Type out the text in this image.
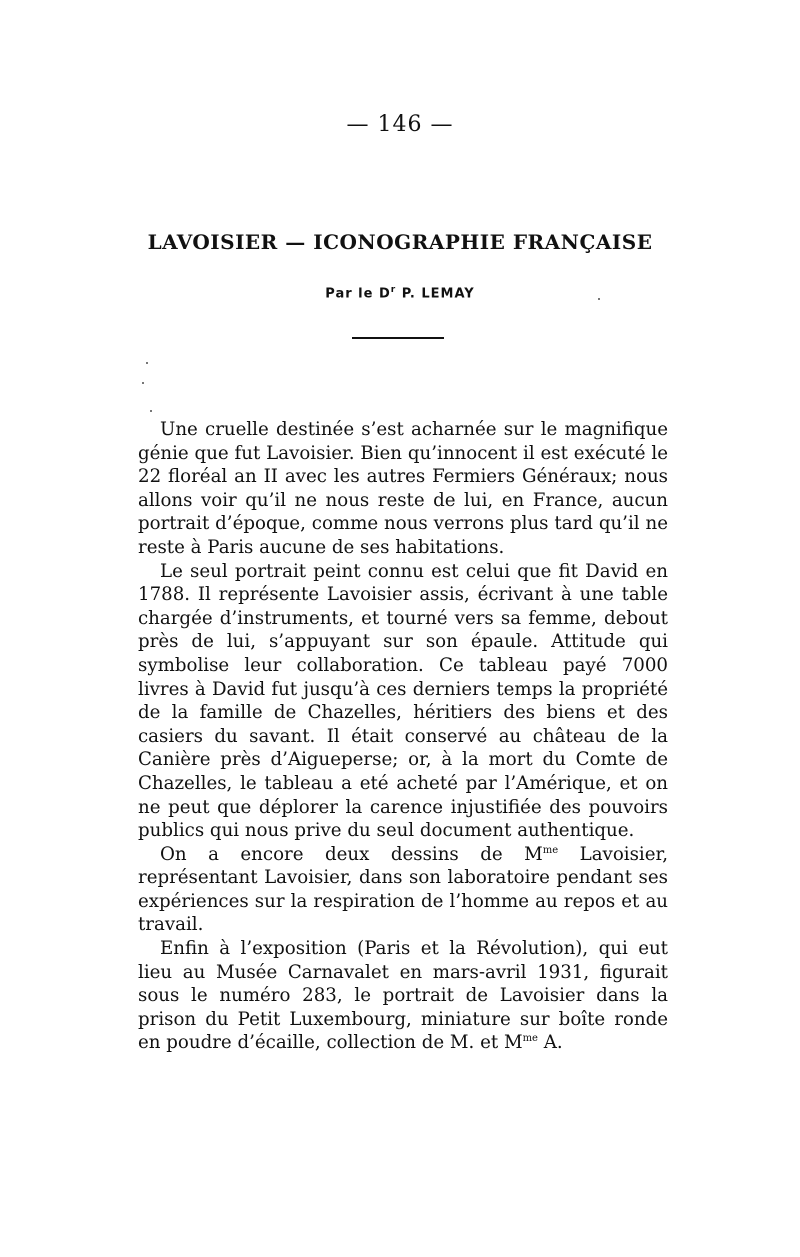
— 146 —
LAVOISIER — ICONOGRAPHIE FRANÇAISE
Par le $D^r$ P. LEMAY

Une cruelle destinée s’est acharnée sur le magnifique génie que fut Lavoisier. Bien qu’innocent il est exécuté le 22 floréal an II avec les autres Fermiers Généraux; nous allons voir qu’il ne nous reste de lui, en France, aucun portrait d’époque, comme nous verrons plus tard qu’il ne reste à Paris aucune de ses habitations.

Le seul portrait peint connu est celui que fit David en 1788. Il représente Lavoisier assis, écrivant à une table chargée d’instruments, et tourné vers sa femme, debout près de lui, s’appuyant sur son épaule. Attitude qui symbolise leur collaboration. Ce tableau payé 7000 livres à David fut jusqu’à ces derniers temps la propriété de la famille de Chazelles, héritiers des biens et des casiers du savant. Il était conservé au château de la Canière près d’Aigueperse; or, à la mort du Comte de Chazelles, le tableau a eté acheté par l’Amérique, et on ne peut que déplorer la carence injustifiée des pouvoirs publics qui nous prive du seul document authentique.

On a encore deux dessins de $M^{me}$ Lavoisier, représentant Lavoisier, dans son laboratoire pendant ses expériences sur la respiration de l’homme au repos et au travail.

Enfin à l’exposition (Paris et la Révolution), qui eut lieu au Musée Carnavalet en mars-avril 1931, figurait sous le numéro 283, le portrait de Lavoisier dans la prison du Petit Luxembourg, miniature sur boîte ronde en poudre d’écaille, collection de M. et $M^{me}$ A.
